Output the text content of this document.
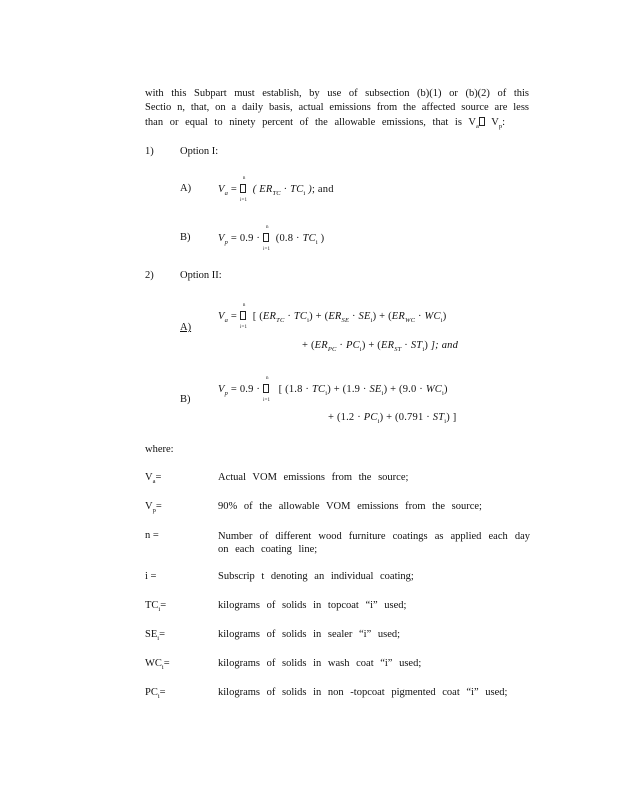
with this Subpart must establish, by use of subsection (b)(1) or (b)(2) of this
Sectio n, that, on a daily basis, actual emissions from the affected source are less
than or equal to ninety percent of the allowable emissions, that is $V_a$ $V_p$:
1)	Option I:
A)	$V_a$ =
n
i=1
( $ER_{TC} \cdot TC_i$ ); and
B)	$V_p = 0.9$ ·
n
i=1
($0.8 \cdot TC_i$ )
2)	Option II:
A)
$V_a$ =
n
i=1
[ $(ER_{TC} \cdot TC_i) + (ER_{SE} \cdot SE_i) + (ER_{WC} \cdot WC_i)$
+ $(ER_{PC} \cdot PC_i) + (ER_{ST} \cdot ST_i)$ ]; and
B)
$V_p = 0.9$ ·
n
i=1
[ $(1.8 \cdot TC_i) + (1.9 \cdot SE_i) + (9.0 \cdot WC_i)$
+ $(1.2 \cdot PC_i) + (0.791 \cdot ST_i)$ ]
where:
$V_a=$	Actual VOM emissions from the source;
$V_p=$	90% of the allowable VOM emissions from the source;
n =	Number of different wood furniture coatings as applied each day on each coating line;
i =	Subscrip t denoting an individual coating;
$TC_i=$	kilograms of solids in topcoat “i” used;
$SE_i=$	kilograms of solids in sealer “i” used;
$WC_i=$	kilograms of solids in wash coat “i” used;
$PC_i=$	kilograms of solids in non -topcoat pigmented coat “i” used;
